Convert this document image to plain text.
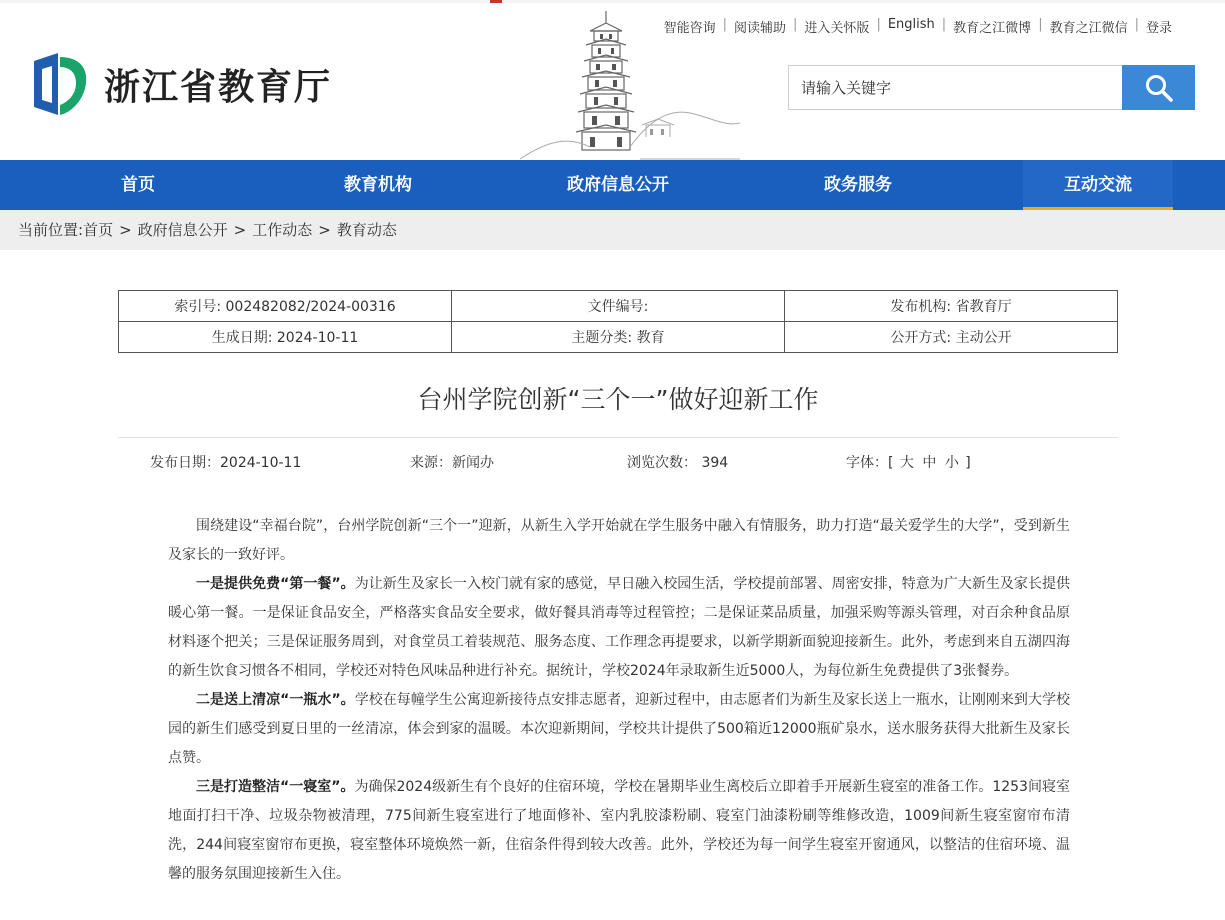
浙江省教育厅
智能咨询 | 阅读辅助 | 进入关怀版 | English | 教育之江微博 | 教育之江微信 | 登录
请输入关键字
首页	教育机构	政府信息公开	政务服务	互动交流
当前位置:首页 > 政府信息公开 > 工作动态 > 教育动态
索引号: 002482082/2024-00316	文件编号:	发布机构: 省教育厅
生成日期: 2024-10-11	主题分类: 教育	公开方式: 主动公开
台州学院创新“三个一”做好迎新工作
发布日期：2024-10-11	来源：新闻办	浏览次数： 394	字体：[ 大 中 小 ]

围绕建设“幸福台院”，台州学院创新“三个一”迎新，从新生入学开始就在学生服务中融入有情服务，助力打造“最关爱学生的大学”，受到新生及家长的一致好评。

一是提供免费“第一餐”。为让新生及家长一入校门就有家的感觉，早日融入校园生活，学校提前部署、周密安排，特意为广大新生及家长提供暖心第一餐。一是保证食品安全，严格落实食品安全要求，做好餐具消毒等过程管控；二是保证菜品质量，加强采购等源头管理，对百余种食品原材料逐个把关；三是保证服务周到，对食堂员工着装规范、服务态度、工作理念再提要求，以新学期新面貌迎接新生。此外，考虑到来自五湖四海的新生饮食习惯各不相同，学校还对特色风味品种进行补充。据统计，学校2024年录取新生近5000人，为每位新生免费提供了3张餐券。

二是送上清凉“一瓶水”。学校在每幢学生公寓迎新接待点安排志愿者，迎新过程中，由志愿者们为新生及家长送上一瓶水，让刚刚来到大学校园的新生们感受到夏日里的一丝清凉，体会到家的温暖。本次迎新期间，学校共计提供了500箱近12000瓶矿泉水，送水服务获得大批新生及家长点赞。

三是打造整洁“一寝室”。为确保2024级新生有个良好的住宿环境，学校在暑期毕业生离校后立即着手开展新生寝室的准备工作。1253间寝室地面打扫干净、垃圾杂物被清理，775间新生寝室进行了地面修补、室内乳胶漆粉刷、寝室门油漆粉刷等维修改造，1009间新生寝室窗帘布清洗，244间寝室窗帘布更换，寝室整体环境焕然一新，住宿条件得到较大改善。此外，学校还为每一间学生寝室开窗通风，以整洁的住宿环境、温馨的服务氛围迎接新生入住。
